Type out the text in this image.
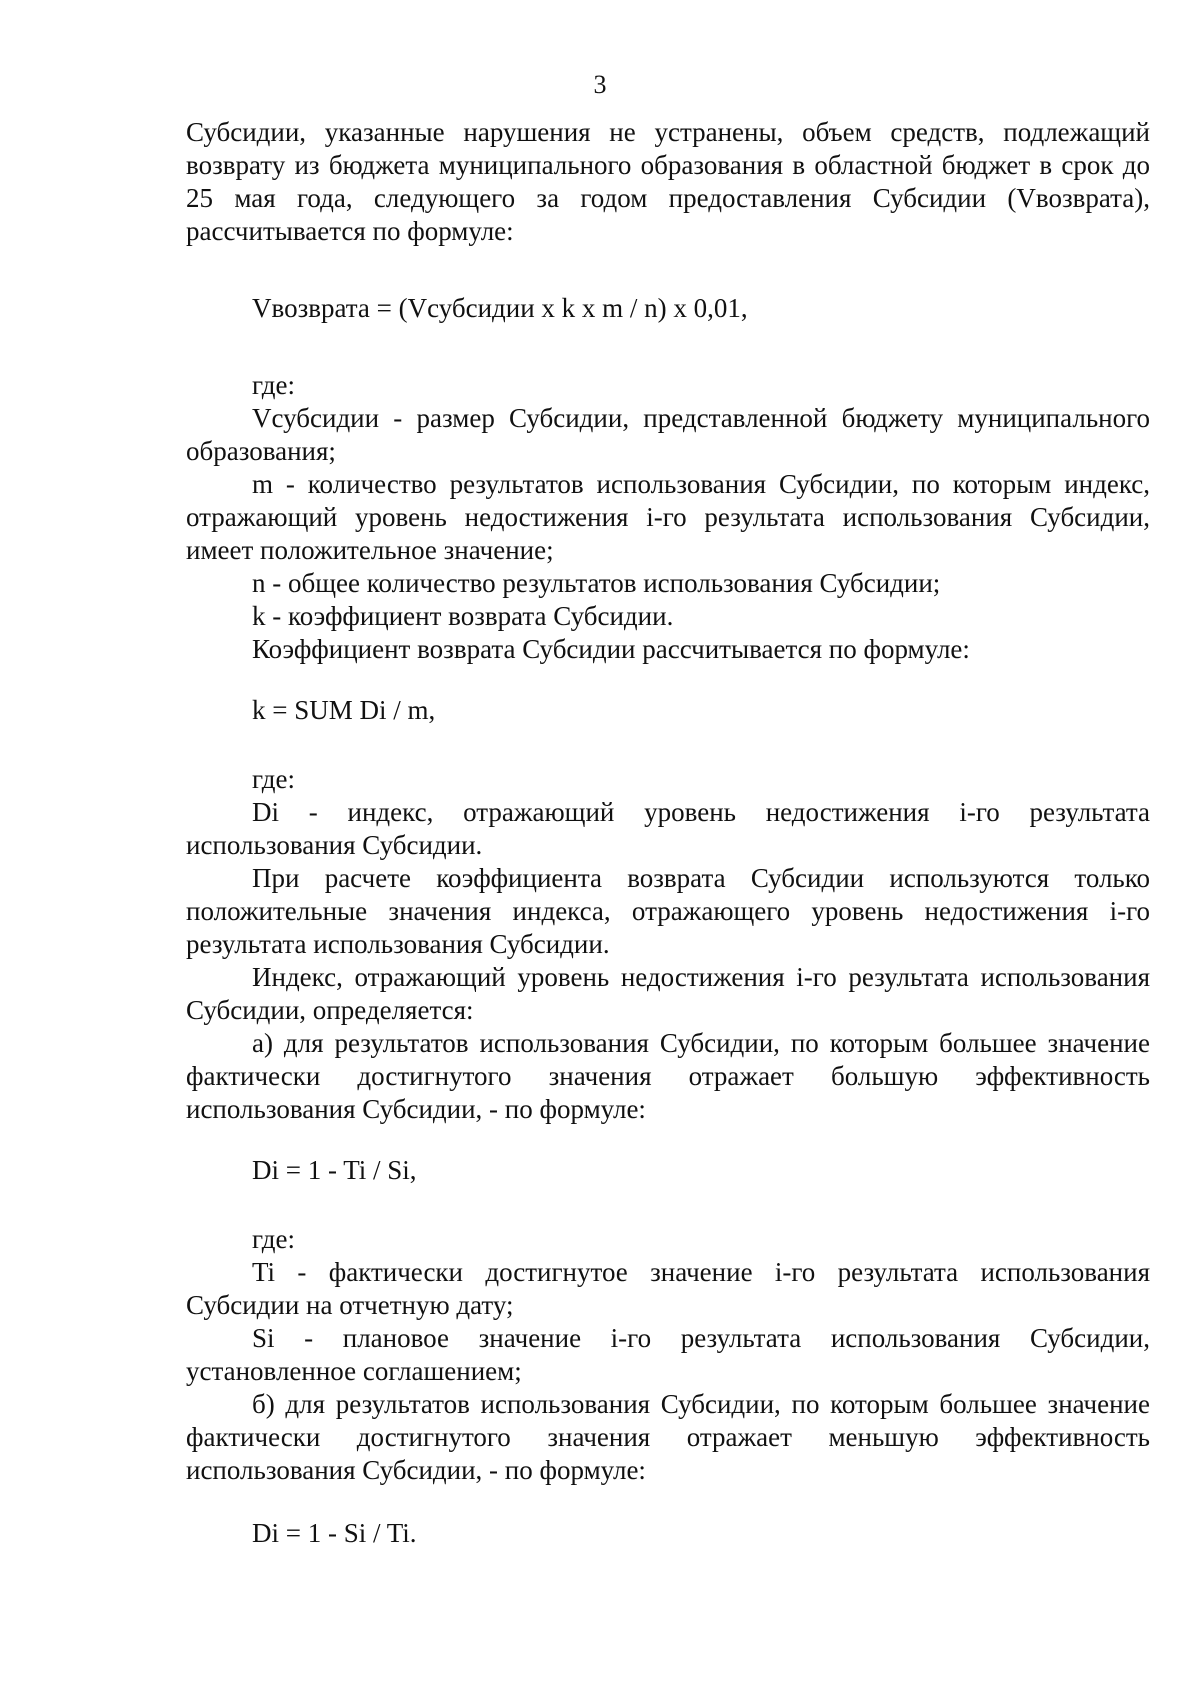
3

Субсидии, указанные нарушения не устранены, объем средств, подлежащий возврату из бюджета муниципального образования в областной бюджет в срок до 25 мая года, следующего за годом предоставления Субсидии (Vвозврата), рассчитывается по формуле:

Vвозврата = (Vсубсидии x k x m / n) x 0,01,

где:

Vсубсидии - размер Субсидии, представленной бюджету муниципального образования;

m - количество результатов использования Субсидии, по которым индекс, отражающий уровень недостижения i-го результата использования Субсидии, имеет положительное значение;

n - общее количество результатов использования Субсидии;

k - коэффициент возврата Субсидии.

Коэффициент возврата Субсидии рассчитывается по формуле:

k = SUM Di / m,

где:

Di - индекс, отражающий уровень недостижения i-го результата использования Субсидии.

При расчете коэффициента возврата Субсидии используются только положительные значения индекса, отражающего уровень недостижения i-го результата использования Субсидии.

Индекс, отражающий уровень недостижения i-го результата использования Субсидии, определяется:

а) для результатов использования Субсидии, по которым большее значение фактически достигнутого значения отражает большую эффективность использования Субсидии, - по формуле:

Di = 1 - Ti / Si,

где:

Ti - фактически достигнутое значение i-го результата использования Субсидии на отчетную дату;

Si - плановое значение i-го результата использования Субсидии, установленное соглашением;

б) для результатов использования Субсидии, по которым большее значение фактически достигнутого значения отражает меньшую эффективность использования Субсидии, - по формуле:

Di = 1 - Si / Ti.
